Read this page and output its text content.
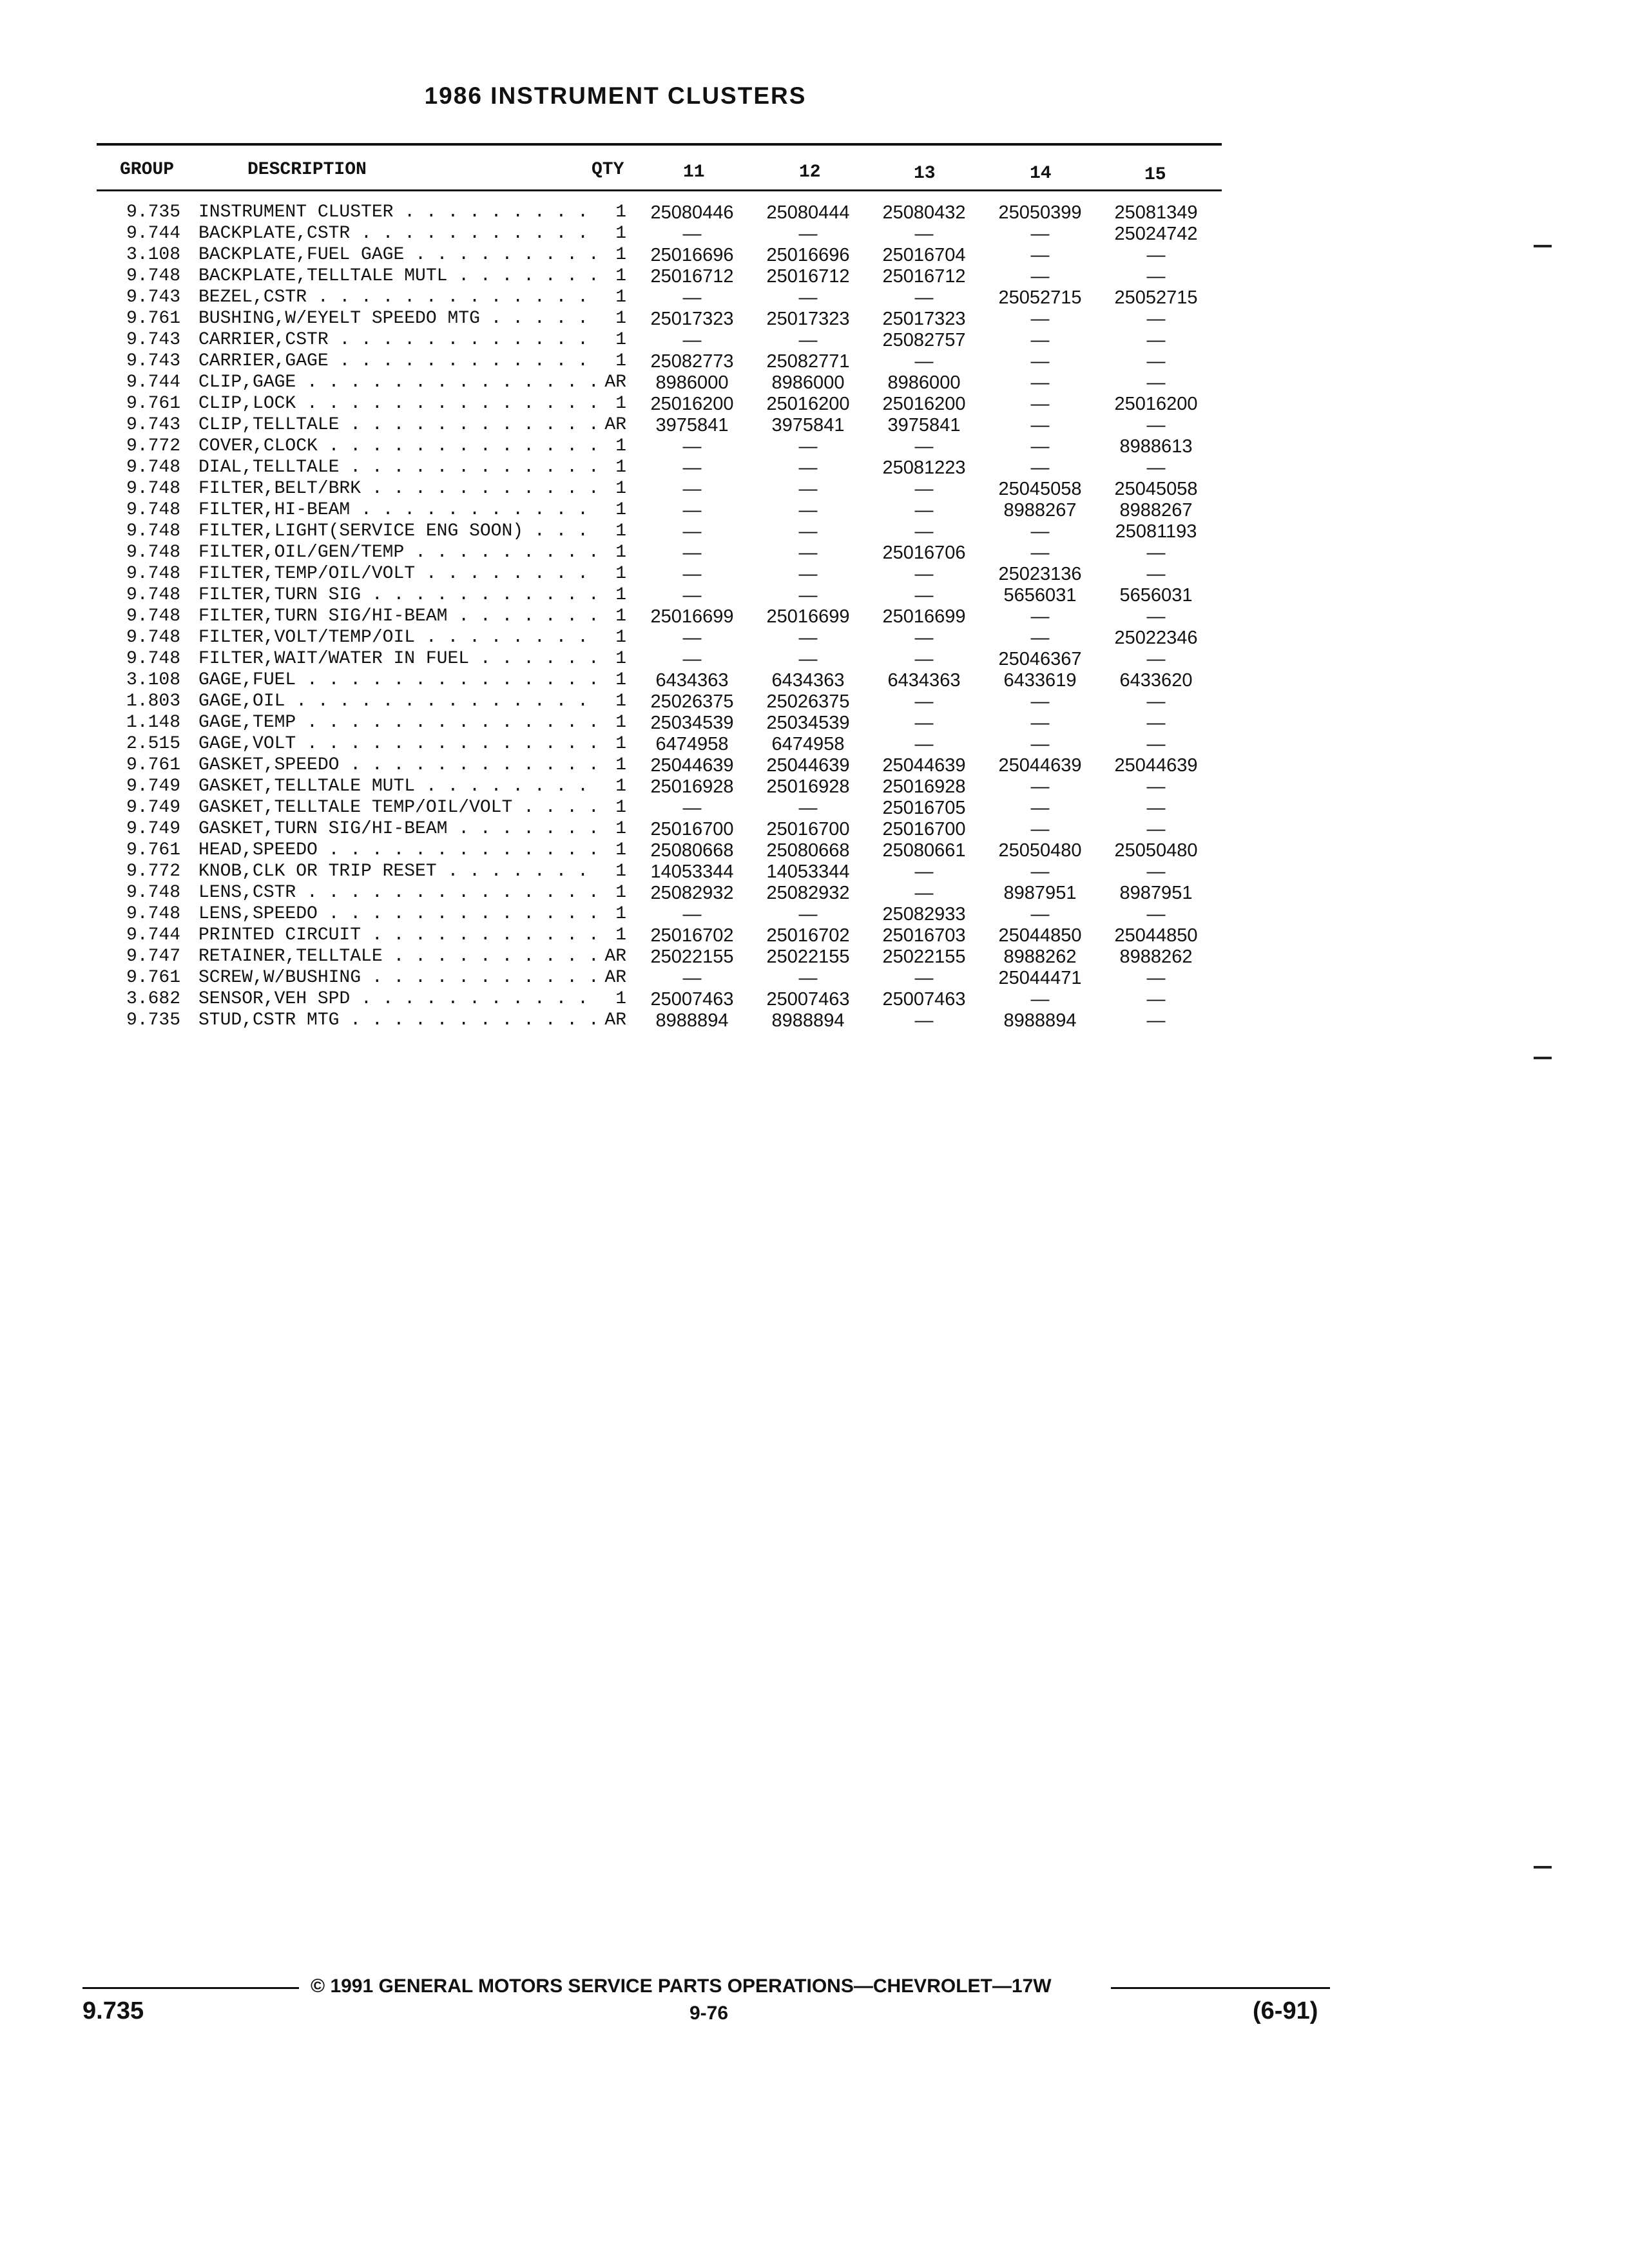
1986 INSTRUMENT CLUSTERS
GROUP	DESCRIPTION	QTY	11	12	13	14	15
9.735 INSTRUMENT CLUSTER . . .	1	25080446	25080444	25080432	25050399	25081349
9.744 BACKPLATE,CSTR . . .	1	—	—	—	—	25024742
3.108 BACKPLATE,FUEL GAGE . . .	1	25016696	25016696	25016704	—	—
9.748 BACKPLATE,TELLTALE MUTL . . .	1	25016712	25016712	25016712	—	—
9.743 BEZEL,CSTR . . .	1	—	—	—	25052715	25052715
9.761 BUSHING,W/EYELT SPEEDO MTG . . .	1	25017323	25017323	25017323	—	—
9.743 CARRIER,CSTR . . .	1	—	—	25082757	—	—
9.743 CARRIER,GAGE . . .	1	25082773	25082771	—	—	—
9.744 CLIP,GAGE . . .	AR	8986000	8986000	8986000	—	—
9.761 CLIP,LOCK . . .	1	25016200	25016200	25016200	—	25016200
9.743 CLIP,TELLTALE . . .	AR	3975841	3975841	3975841	—	—
9.772 COVER,CLOCK . . .	1	—	—	—	—	8988613
9.748 DIAL,TELLTALE . . .	1	—	—	25081223	—	—
9.748 FILTER,BELT/BRK . . .	1	—	—	—	25045058	25045058
9.748 FILTER,HI-BEAM . . .	1	—	—	—	8988267	8988267
9.748 FILTER,LIGHT(SERVICE ENG SOON) . . .	1	—	—	—	—	25081193
9.748 FILTER,OIL/GEN/TEMP . . .	1	—	—	25016706	—	—
9.748 FILTER,TEMP/OIL/VOLT . . .	1	—	—	—	25023136	—
9.748 FILTER,TURN SIG . . .	1	—	—	—	5656031	5656031
9.748 FILTER,TURN SIG/HI-BEAM . . .	1	25016699	25016699	25016699	—	—
9.748 FILTER,VOLT/TEMP/OIL . . .	1	—	—	—	—	25022346
9.748 FILTER,WAIT/WATER IN FUEL . . .	1	—	—	—	25046367	—
3.108 GAGE,FUEL . . .	1	6434363	6434363	6434363	6433619	6433620
1.803 GAGE,OIL . . .	1	25026375	25026375	—	—	—
1.148 GAGE,TEMP . . .	1	25034539	25034539	—	—	—
2.515 GAGE,VOLT . . .	1	6474958	6474958	—	—	—
9.761 GASKET,SPEEDO . . .	1	25044639	25044639	25044639	25044639	25044639
9.749 GASKET,TELLTALE MUTL . . .	1	25016928	25016928	25016928	—	—
9.749 GASKET,TELLTALE TEMP/OIL/VOLT . . .	1	—	—	25016705	—	—
9.749 GASKET,TURN SIG/HI-BEAM . . .	1	25016700	25016700	25016700	—	—
9.761 HEAD,SPEEDO . . .	1	25080668	25080668	25080661	25050480	25050480
9.772 KNOB,CLK OR TRIP RESET . . .	1	14053344	14053344	—	—	—
9.748 LENS,CSTR . . .	1	25082932	25082932	—	8987951	8987951
9.748 LENS,SPEEDO . . .	1	—	—	25082933	—	—
9.744 PRINTED CIRCUIT . . .	1	25016702	25016702	25016703	25044850	25044850
9.747 RETAINER,TELLTALE . . .	AR	25022155	25022155	25022155	8988262	8988262
9.761 SCREW,W/BUSHING . . .	AR	—	—	—	25044471	—
3.682 SENSOR,VEH SPD . . .	1	25007463	25007463	25007463	—	—
9.735 STUD,CSTR MTG . . .	AR	8988894	8988894	—	8988894	—
© 1991 GENERAL MOTORS SERVICE PARTS OPERATIONS—CHEVROLET—17W
9.735	9-76	(6-91)
